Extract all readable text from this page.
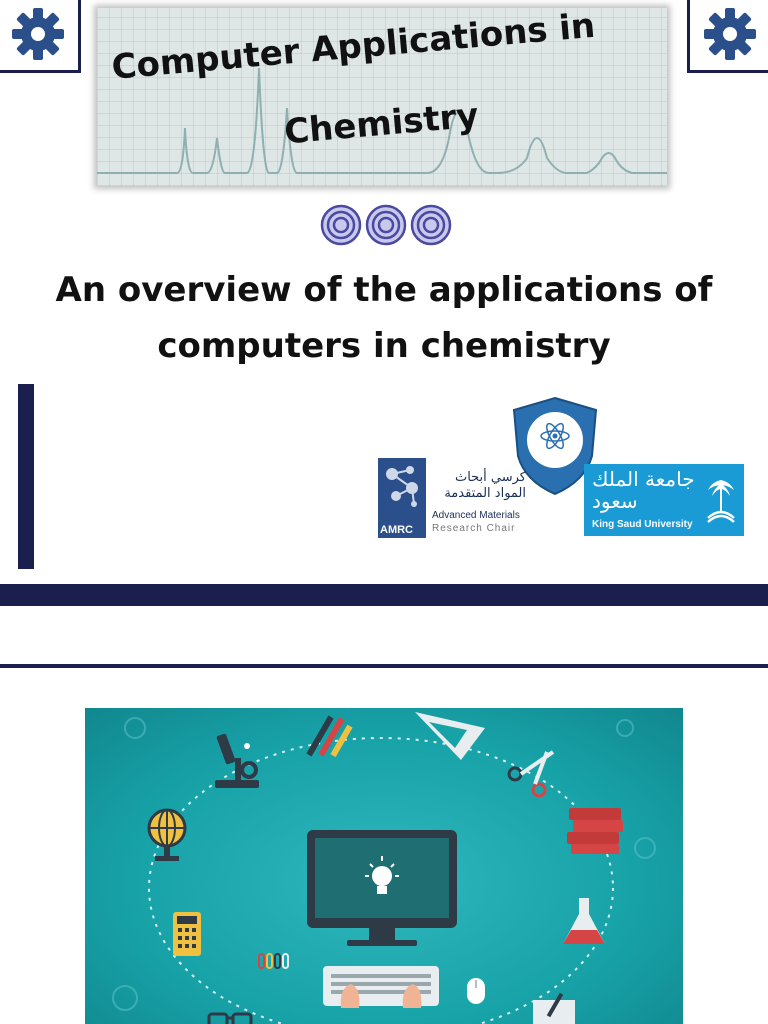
Computer Applications in
Chemistry
An overview of the applications of
computers in chemistry
AMRC
كرسي أبحاث
المواد المتقدمة
Advanced Materials
Research Chair
جامعة الملك سعود
King Saud University
